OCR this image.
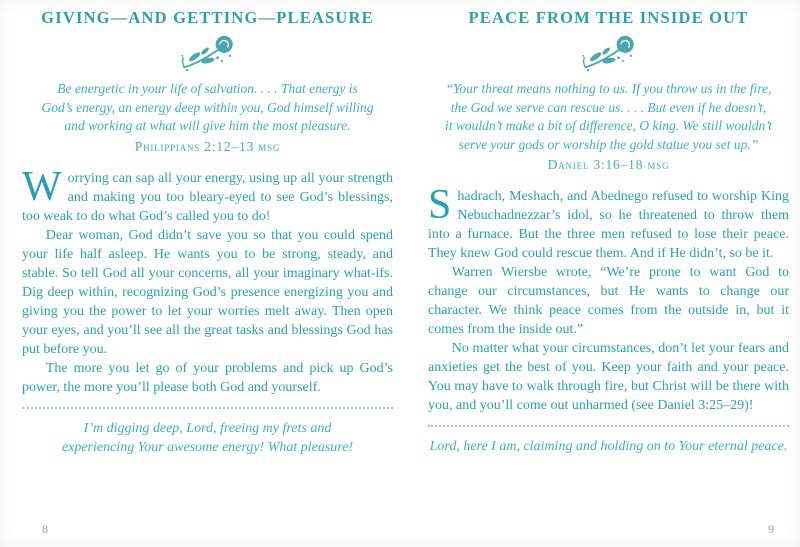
GIVING—AND GETTING—PLEASURE
Be energetic in your life of salvation. . . . That energy is
God’s energy, an energy deep within you, God himself willing
and working at what will give him the most pleasure.
Philippians 2:12–13 msg

Worrying can sap all your energy, using up all your strength and making you too bleary-eyed to see God’s blessings, too weak to do what God’s called you to do!

Dear woman, God didn’t save you so that you could spend your life half asleep. He wants you to be strong, steady, and stable. So tell God all your concerns, all your imaginary what-ifs. Dig deep within, recognizing God’s presence energizing you and giving you the power to let your worries melt away. Then open your eyes, and you’ll see all the great tasks and blessings God has put before you.

The more you let go of your problems and pick up God’s power, the more you’ll please both God and yourself.

I’m digging deep, Lord, freeing my frets and
experiencing Your awesome energy! What pleasure!
8
PEACE FROM THE INSIDE OUT
“Your threat means nothing to us. If you throw us in the fire,
the God we serve can rescue us. . . . But even if he doesn’t,
it wouldn’t make a bit of difference, O king. We still wouldn’t
serve your gods or worship the gold statue you set up.”
Daniel 3:16–18 msg

Shadrach, Meshach, and Abednego refused to worship King Nebuchadnezzar’s idol, so he threatened to throw them into a furnace. But the three men refused to lose their peace. They knew God could rescue them. And if He didn’t, so be it.

Warren Wiersbe wrote, “We’re prone to want God to change our circumstances, but He wants to change our character. We think peace comes from the outside in, but it comes from the inside out.”

No matter what your circumstances, don’t let your fears and anxieties get the best of you. Keep your faith and your peace. You may have to walk through fire, but Christ will be there with you, and you’ll come out unharmed (see Daniel 3:25–29)!

Lord, here I am, claiming and holding on to Your eternal peace.
9
